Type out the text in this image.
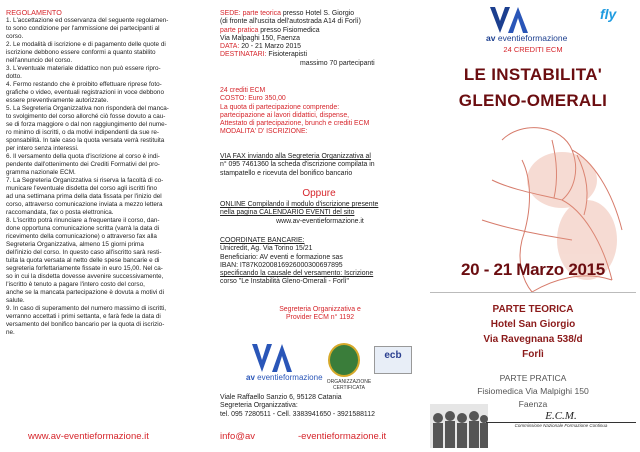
REGOLAMENTO

1. L'accettazione ed osservanza del seguente regolamen-

to sono condizione per l'ammissione dei partecipanti al

corso.

2. Le modalità di iscrizione e di pagamento delle quote di

iscrizione debbono essere conformi a quanto stabilito

nell'annuncio del corso.

3. L'eventuale materiale didattico non può essere ripro-

dotto.

4. Fermo restando che è proibito effettuare riprese foto-

grafiche o video, eventuali registrazioni in voce debbono

essere preventivamente autorizzate.

5. La Segreteria Organizzativa non risponderà del manca-

to svolgimento del corso allorché ciò fosse dovuto a cau-

se di forza maggiore o dal non raggiungimento del nume-

ro minimo di iscritti, o da motivi indipendenti da sue re-

sponsabilità. In tale caso la quota versata verrà restituita

per intero senza interessi.

6. Il versamento della quota d'iscrizione al corso è indi-

pendente dall'ottenimento dei Crediti Formativi del pro-

gramma nazionale ECM.

7. La Segreteria Organizzativa si riserva la facoltà di co-

municare l'eventuale disdetta del corso agli iscritti fino

ad una settimana prima della data fissata per l'inizio del

corso, attraverso comunicazione inviata a mezzo lettera

raccomandata, fax o posta elettronica.

8. L'iscritto potrà rinunciare a frequentare il corso, dan-

done opportuna comunicazione scritta (varrà la data di

ricevimento della comunicazione) o attraverso fax alla

Segreteria Organizzativa, almeno 15 giorni prima

dell'inizio del corso. In questo caso all'iscritto sarà resti-

tuita la quota versata al netto delle spese bancarie e di

segreteria forfettariamente fissate in euro 15,00. Nel ca-

so in cui la disdetta dovesse avvenire successivamente,

l'iscritto è tenuto a pagare l'intero costo del corso,

anche se la mancata partecipazione è dovuta a motivi di

salute.

9. In caso di superamento del numero massimo di iscritti,

verranno accettati i primi settanta, e farà fede la data di

versamento del bonifico bancario per la quota di iscrizio-

ne.

www.av-eventieformazione.it
SEDE: parte teorica presso Hotel S. Giorgio
(di fronte all'uscita dell'autostrada A14 di Forlì)
parte pratica presso Fisiomedica
Via Malpaghi 150, Faenza
DATA: 20 - 21 Marzo 2015
DESTINATARI: Fisioterapisti
massimo 70 partecipanti
24 crediti ECM
COSTO: Euro 350,00
La quota di partecipazione comprende:
partecipazione ai lavori didattici, dispense,
Attestato di partecipazione, brunch e crediti ECM
MODALITA' D' ISCRIZIONE:
VIA FAX inviando alla Segreteria Organizzativa al
n° 095 7461360 la scheda d'iscrizione compilata in
stampatello e ricevuta del bonifico bancario
Oppure
ONLINE Compilando il modulo d'iscrizione presente
nella pagina CALENDARIO EVENTI del sito
www.av-eventieformazione.it
COORDINATE BANCARIE:
Unicredit, Ag. Via Torino 15/21
Beneficiario: AV eventi e formazione sas
IBAN: IT87K0200816926000300697895
specificando la causale del versamento: Iscrizione
corso "Le Instabilità Gleno-Omerali - Forlì"
Segreteria Organizzativa e
Provider ECM n° 1192
av eventieformazione
ecb
ORGANIZZAZIONE CERTIFICATA
Viale Raffaello Sanzio 6, 95128 Catania
Segreteria Organizzativa:
tel. 095 7280511 - Cell. 3383941650 - 3921588112
info@av	-eventieformazione.it
av eventieformazione
fly
24 CREDITI ECM
LE INSTABILITA'
GLENO-OMERALI
20 - 21 Marzo 2015
PARTE TEORICA
Hotel San Giorgio
Via Ravegnana 538/d
Forlì
PARTE PRATICA
Fisiomedica Via Malpighi 150
Faenza
E.C.M.
Commissione Nazionale Formazione Continua
